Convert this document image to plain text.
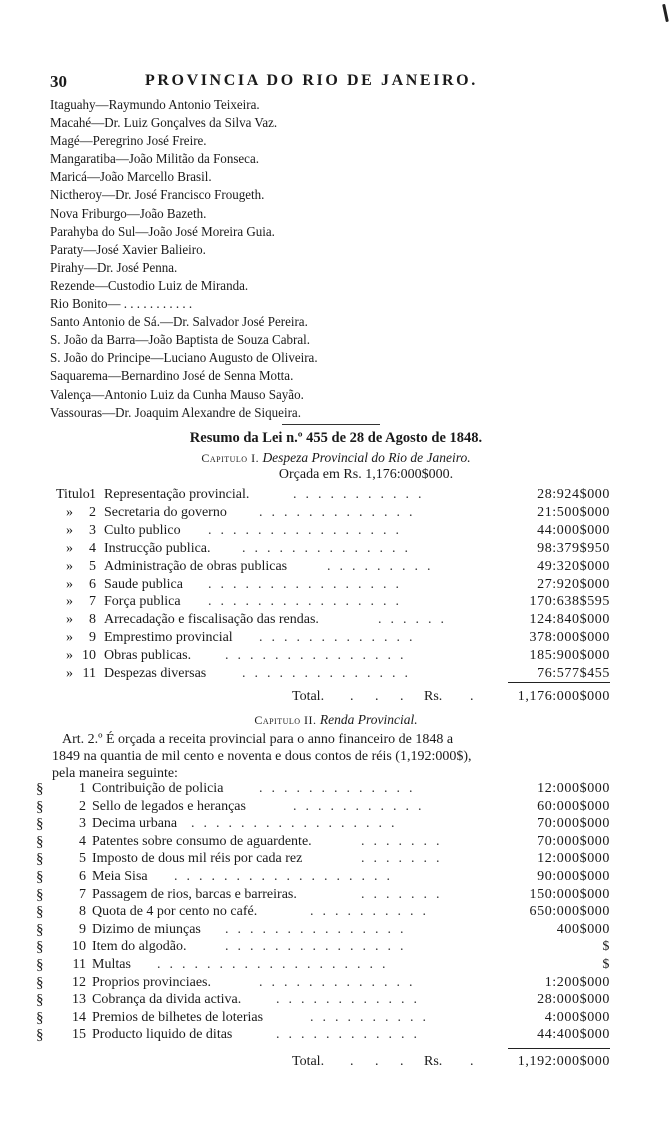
30	PROVINCIA DO RIO DE JANEIRO.
Itaguahy—Raymundo Antonio Teixeira.
Macahé—Dr. Luiz Gonçalves da Silva Vaz.
Magé—Peregrino José Freire.
Mangaratiba—João Militão da Fonseca.
Maricá—João Marcello Brasil.
Nictheroy—Dr. José Francisco Frougeth.
Nova Friburgo—João Bazeth.
Parahyba do Sul—João José Moreira Guia.
Paraty—José Xavier Balieiro.
Pirahy—Dr. José Penna.
Rezende—Custodio Luiz de Miranda.
Rio Bonito— . . . . . . . . . . .
Santo Antonio de Sá.—Dr. Salvador José Pereira.
S. João da Barra—João Baptista de Souza Cabral.
S. João do Principe—Luciano Augusto de Oliveira.
Saquarema—Bernardino José de Senna Motta.
Valença—Antonio Luiz da Cunha Mauso Sayão.
Vassouras—Dr. Joaquim Alexandre de Siqueira.
Resumo da Lei n.º 455 de 28 de Agosto de 1848.
Capitulo I. Despeza Provincial do Rio de Janeiro.
Orçada em Rs. 1,176:000$000.
Titulo 1 Representação provincial.	...........	28:924$000
»	2 Secretaria do governo .............	21:500$000
»	3 Culto publico ................	44:000$000
»	4 Instrucção publica. ..............	98:379$950
»	5 Administração de obras publicas	.........	49:320$000
»	6 Saude publica ................	27:920$000
»	7 Força publica ................	170:638$595
»	8 Arrecadação e fiscalisação das rendas.	......	124:840$000
»	9 Emprestimo provincial .............	378:000$000
» 10 Obras publicas. ...............	185:900$000
» 11 Despezas diversas	..............	76:577$455
Total. . . . Rs. .	1,176:000$000
Capitulo II. Renda Provincial.
Art. 2.º É orçada a receita provincial para o anno financeiro de 1848 a
1849 na quantia de mil cento e noventa e dous contos de réis (1,192:000$),
pela maneira seguinte:
§	1 Contribuição de policia	.............	12:000$000
§	2 Sello de legados e heranças	...........	60:000$000
§	3 Decima urbana .................	70:000$000
§	4 Patentes sobre consumo de aguardente.	.......	70:000$000
§	5 Imposto de dous mil réis por cada rez	.......	12:000$000
§	6 Meia Sisa ..................	90:000$000
§	7 Passagem de rios, barcas e barreiras.	.......	150:000$000
§	8 Quota de 4 por cento no café.	..........	650:000$000
§	9 Dizimo de miunças ...............	400$000
§	10 Item do algodão.	...............	$
§	11 Multas ...................	$
§	12 Proprios provinciaes.	.............	1:200$000
§	13 Cobrança da divida activa. ............	28:000$000
§	14 Premios de bilhetes de loterias	..........	4:000$000
§	15 Producto liquido de ditas	............	44:400$000
Total. . . . Rs. .	1,192:000$000
